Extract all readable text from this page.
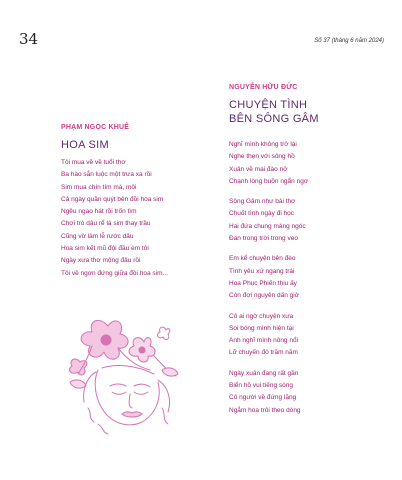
34	Số 37 (tháng 6 năm 2024)
PHẠM NGỌC KHUÊ
HOA SIM
Tôi mua về về tuổi thơ
Ba hào sắn luộc một trưa xa rồi
Sim mua chín tím mà, môi
Cả ngày quần quýt bên đồi hoa sim
Ngêu ngao hát rồi trốn tìm
Chơi trò dâu rể lá sim thay trầu
Cũng vờ làm lễ rước dâu
Hoa sim kết mũ đội đầu em tôi
Ngày xưa thơ mộng đâu rồi
Tôi về ngơn đứng giữa đồi hoa sim...
NGUYỄN HỮU ĐỨC
CHUYỆN TÌNH
BÊN SÔNG GÂM
Nghĩ mình không trở lại
Nghe thẹn với sông hồ
Xuân về mai đào nở
Chạnh lòng buồn ngẩn ngơ
Sông Gâm như bài thơ
Chuốt tình ngày đi học
Hai đứa chung máng ngóc
Đan trong trời trong veo
Em kể chuyện bên đèo
Tình yêu xứ ngang trái
Hoa Phục Phiến thiu ấy
Còn đợi nguyên dấn giờ
Cô ai ngờ chuyện xưa
Soi bóng mình hiện tại
Anh nghĩ mình nông nổi
Lỡ chuyến đò trăm năm
Ngày xuân đang rất gần
Biển hồ vui tiếng sóng
Cô người về đứng lặng
Ngắm hoa trôi theo dòng
